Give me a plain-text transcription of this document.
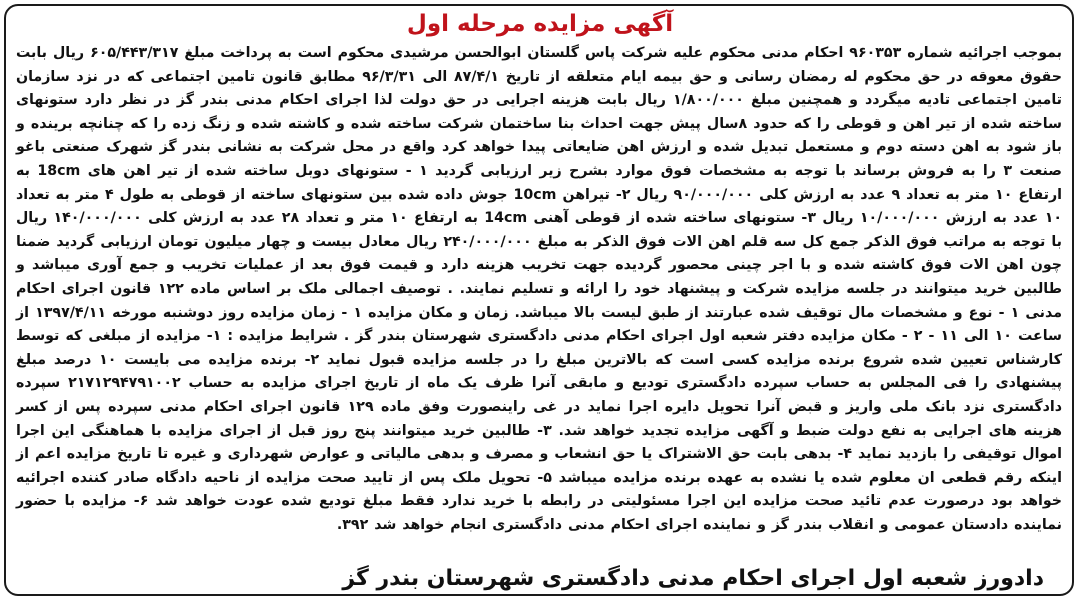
آگهی مزایده مرحله اول

بموجب اجرائیه شماره ۹۶۰۳۵۳ احکام مدنی محکوم علیه شرکت پاس گلستان ابوالحسن مرشیدی محکوم است به پرداخت مبلغ ۶۰۵/۴۴۳/۳۱۷ ریال بابت حقوق معوقه در حق محکوم له رمضان رسانی و حق بیمه ایام متعلقه از تاریخ ۸۷/۴/۱ الی ۹۶/۳/۳۱ مطابق قانون تامین اجتماعی که در نزد سازمان تامین اجتماعی تادیه میگردد و همچنین مبلغ ۱/۸۰۰/۰۰۰ ریال بابت هزینه اجرایی در حق دولت لذا اجرای احکام مدنی بندر گز در نظر دارد ستونهای ساخته شده از تیر اهن و قوطی را که حدود ۸سال پیش جهت احداث بنا ساختمان شرکت ساخته شده و کاشته شده و زنگ زده را که چنانچه برینده و باز شود به اهن دسته دوم و مستعمل تبدیل شده و ارزش اهن ضایعاتی پیدا خواهد کرد واقع در محل شرکت به نشانی بندر گز شهرک صنعتی باغو صنعت ۳ را به فروش برساند با توجه به مشخصات فوق موارد بشرح زیر ارزیابی گردید ۱ - ستونهای دوبل ساخته شده از تیر اهن های 18cm به ارتفاع ۱۰ متر به تعداد ۹ عدد به ارزش کلی ۹۰/۰۰۰/۰۰۰ ریال ۲- تیراهن 10cm جوش داده شده بین ستونهای ساخته از قوطی به طول ۴ متر به تعداد ۱۰ عدد به ارزش ۱۰/۰۰۰/۰۰۰ ریال ۳- ستونهای ساخته شده از قوطی آهنی 14cm به ارتفاع ۱۰ متر و تعداد ۲۸ عدد به ارزش کلی ۱۴۰/۰۰۰/۰۰۰ ریال با توجه به مراتب فوق الذکر جمع کل سه قلم اهن الات فوق الذکر به مبلغ ۲۴۰/۰۰۰/۰۰۰ ریال معادل بیست و چهار میلیون تومان ارزیابی گردید ضمنا چون اهن الات فوق کاشته شده و با اجر چینی محصور گردیده جهت تخریب هزینه دارد و قیمت فوق بعد از عملیات تخریب و جمع آوری میباشد و طالبین خرید میتوانند در جلسه مزایده شرکت و پیشنهاد خود را ارائه و تسلیم نمایند. . توصیف اجمالی ملک بر اساس ماده ۱۲۲ قانون اجرای احکام مدنی ۱ - نوع و مشخصات مال توقیف شده عبارتند از طبق لیست بالا میباشد. زمان و مکان مزایده ۱ - زمان مزایده روز دوشنبه مورخه ۱۳۹۷/۴/۱۱ از ساعت ۱۰ الی ۱۱ - ۲ - مکان مزایده دفتر شعبه اول اجرای احکام مدنی دادگستری شهرستان بندر گز . شرایط مزایده : ۱- مزایده از مبلغی که توسط کارشناس تعیین شده شروع برنده مزایده کسی است که بالاترین مبلغ را در جلسه مزایده قبول نماید ۲- برنده مزایده می بایست ۱۰ درصد مبلغ پیشنهادی را فی المجلس به حساب سپرده دادگستری تودیع و مابقی آنرا ظرف یک ماه از تاریخ اجرای مزایده به حساب ۲۱۷۱۲۹۴۷۹۱۰۰۲ سپرده دادگستری نزد بانک ملی واریز و قبض آنرا تحویل دایره اجرا نماید در غی راینصورت وفق ماده ۱۲۹ قانون اجرای احکام مدنی سپرده پس از کسر هزینه های اجرایی به نفع دولت ضبط و آگهی مزایده تجدید خواهد شد. ۳- طالبین خرید میتوانند پنج روز قبل از اجرای مزایده با هماهنگی این اجرا اموال توقیفی را بازدید نماید ۴- بدهی بابت حق الاشتراک یا حق انشعاب و مصرف و بدهی مالیاتی و عوارض شهرداری و غیره تا تاریخ مزایده اعم از اینکه رقم قطعی ان معلوم شده یا نشده به عهده برنده مزایده میباشد ۵- تحویل ملک پس از تایید صحت مزایده از ناحیه دادگاه صادر کننده اجرائیه خواهد بود درصورت عدم تائید صحت مزایده این اجرا مسئولیتی در رابطه با خرید ندارد فقط مبلغ تودیع شده عودت خواهد شد ۶- مزایده با حضور نماینده دادستان عمومی و انقلاب بندر گز و نماینده اجرای احکام مدنی دادگستری انجام خواهد شد ۳۹۲.

دادورز شعبه اول اجرای احکام مدنی دادگستری شهرستان بندر گز
